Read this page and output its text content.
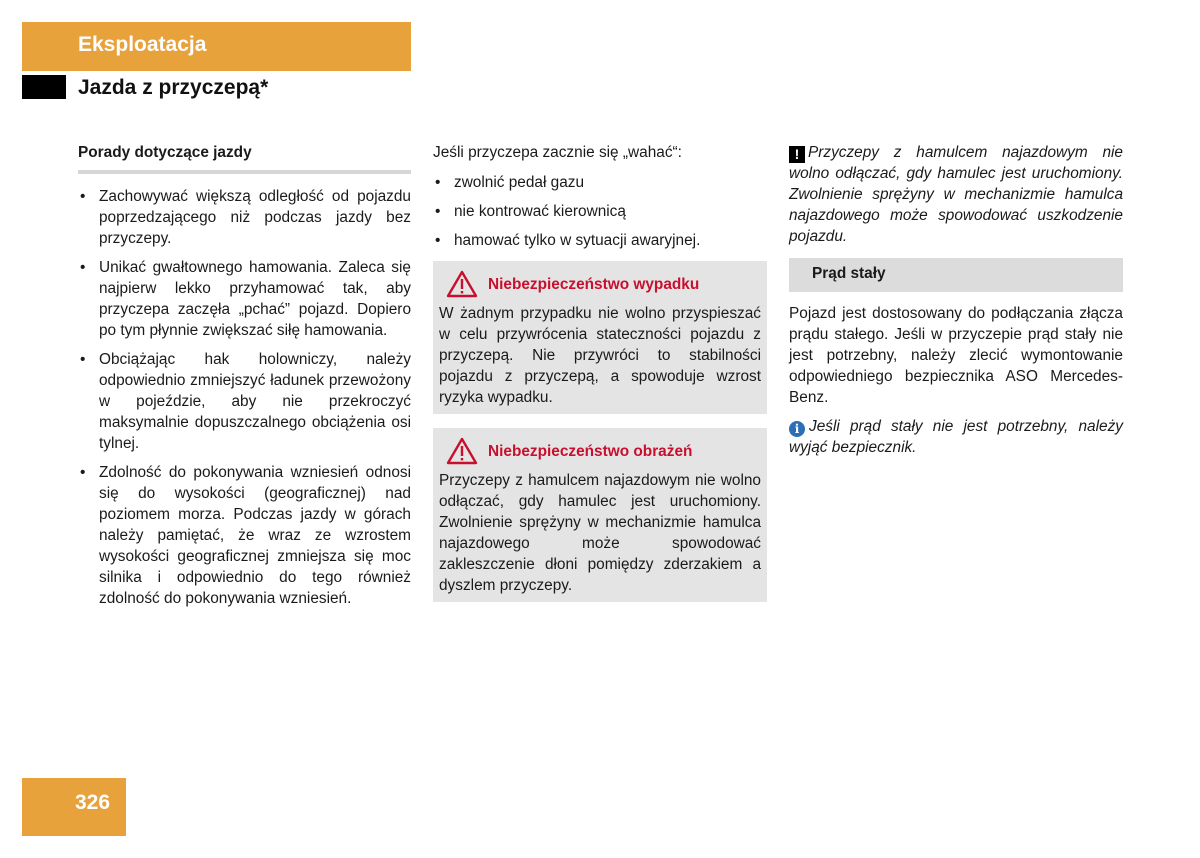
Eksploatacja
Jazda z przyczepą*
Porady dotyczące jazdy
• Zachowywać większą odległość od pojazdu poprzedzającego niż podczas jazdy bez przyczepy.
• Unikać gwałtownego hamowania. Zaleca się najpierw lekko przyhamować tak, aby przyczepa zaczęła „pchać” pojazd. Dopiero po tym płynnie zwiększać siłę hamowania.
• Obciążając hak holowniczy, należy odpowiednio zmniejszyć ładunek przewożony w pojeździe, aby nie przekroczyć maksymalnie dopuszczalnego obciążenia osi tylnej.
• Zdolność do pokonywania wzniesień odnosi się do wysokości (geograficznej) nad poziomem morza. Podczas jazdy w górach należy pamiętać, że wraz ze wzrostem wysokości geograficznej zmniejsza się moc silnika i odpowiednio do tego również zdolność do pokonywania wzniesień.
Jeśli przyczepa zacznie się „wahać“:
• zwolnić pedał gazu
• nie kontrować kierownicą
• hamować tylko w sytuacji awaryjnej.
Niebezpieczeństwo wypadku
W żadnym przypadku nie wolno przyspieszać w celu przywrócenia stateczności pojazdu z przyczepą. Nie przywróci to stabilności pojazdu z przyczepą, a spowoduje wzrost ryzyka wypadku.
Niebezpieczeństwo obrażeń
Przyczepy z hamulcem najazdowym nie wolno odłączać, gdy hamulec jest uruchomiony. Zwolnienie sprężyny w mechanizmie hamulca najazdowego może spowodować zakleszczenie dłoni pomiędzy zderzakiem a dyszlem przyczepy.
! Przyczepy z hamulcem najazdowym nie wolno odłączać, gdy hamulec jest uruchomiony. Zwolnienie sprężyny w mechanizmie hamulca najazdowego może spowodować uszkodzenie pojazdu.
Prąd stały
Pojazd jest dostosowany do podłączania złącza prądu stałego. Jeśli w przyczepie prąd stały nie jest potrzebny, należy zlecić wymontowanie odpowiedniego bezpiecznika ASO Mercedes-Benz.
i Jeśli prąd stały nie jest potrzebny, należy wyjąć bezpiecznik.
326
